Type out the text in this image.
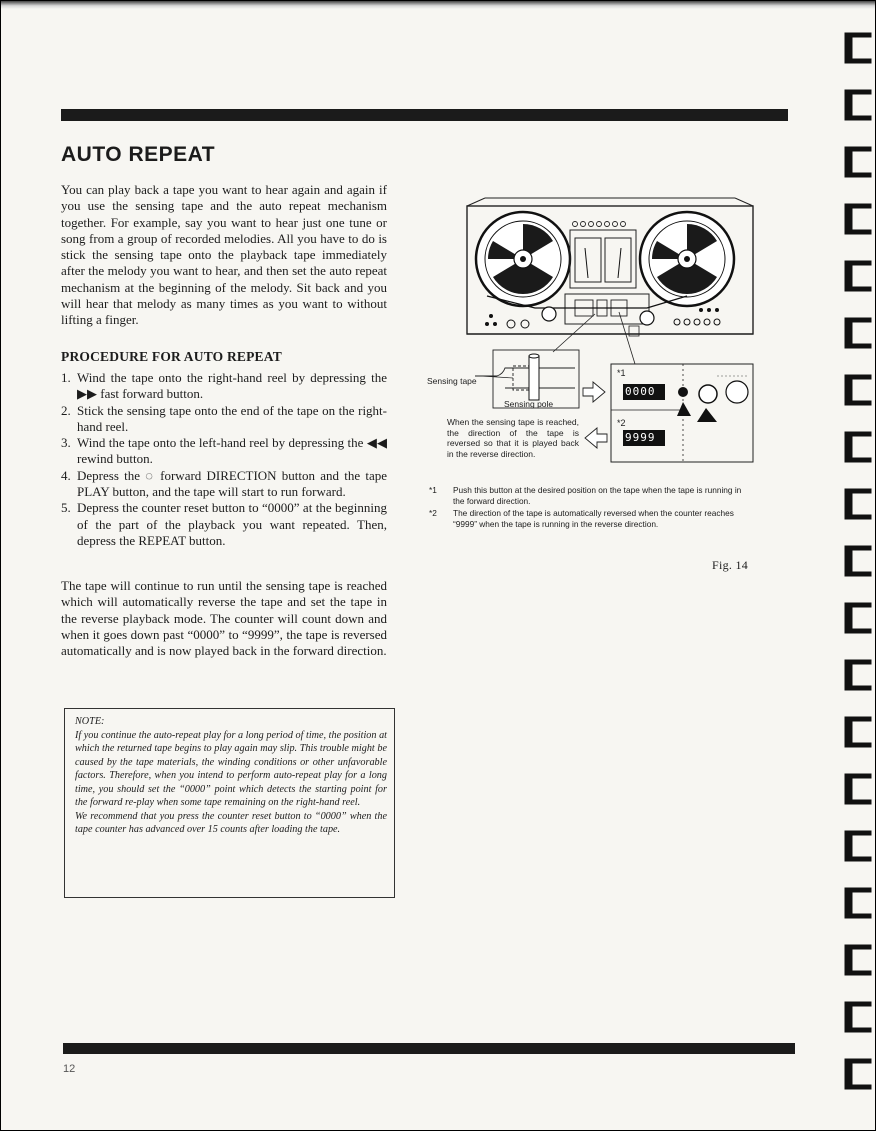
AUTO REPEAT

You can play back a tape you want to hear again and again if you use the sensing tape and the auto repeat mechanism together. For example, say you want to hear just one tune or song from a group of recorded melodies. All you have to do is stick the sensing tape onto the playback tape immediately after the melody you want to hear, and then set the auto repeat mechanism at the beginning of the melody. Sit back and you will hear that melody as many times as you want to without lifting a finger.

PROCEDURE FOR AUTO REPEAT
1. Wind the tape onto the right-hand reel by depressing the ▶▶ fast forward button.
2. Stick the sensing tape onto the end of the tape on the right-hand reel.
3. Wind the tape onto the left-hand reel by depressing the ◀◀ rewind button.
4. Depress the ◌ forward DIRECTION button and the tape PLAY button, and the tape will start to run forward.
5. Depress the counter reset button to “0000” at the beginning of the part of the playback you want repeated. Then, depress the REPEAT button.

The tape will continue to run until the sensing tape is reached which will automatically reverse the tape and set the tape in the reverse playback mode. The counter will count down and when it goes down past “0000” to “9999”, the tape is reversed automatically and is now played back in the forward direction.

NOTE:
If you continue the auto-repeat play for a long period of time, the position at which the returned tape begins to play again may slip. This trouble might be caused by the tape materials, the winding conditions or other unfavorable factors. Therefore, when you intend to perform auto-repeat play for a long time, you should set the “0000” point which detects the starting point for the forward re-play when some tape remaining on the right-hand reel.
We recommend that you press the counter reset button to “0000” when the tape counter has advanced over 15 counts after loading the tape.
Sensing tape
Sensing pole
*1
*2
0000
9999
When the sensing tape is reached, the direction of the tape is reversed so that it is played back in the reverse direction.
*1 Push this button at the desired position on the tape when the tape is running in the forward direction.
*2 The direction of the tape is automatically reversed when the counter reaches “9999” when the tape is running in the reverse direction.
Fig. 14
12
